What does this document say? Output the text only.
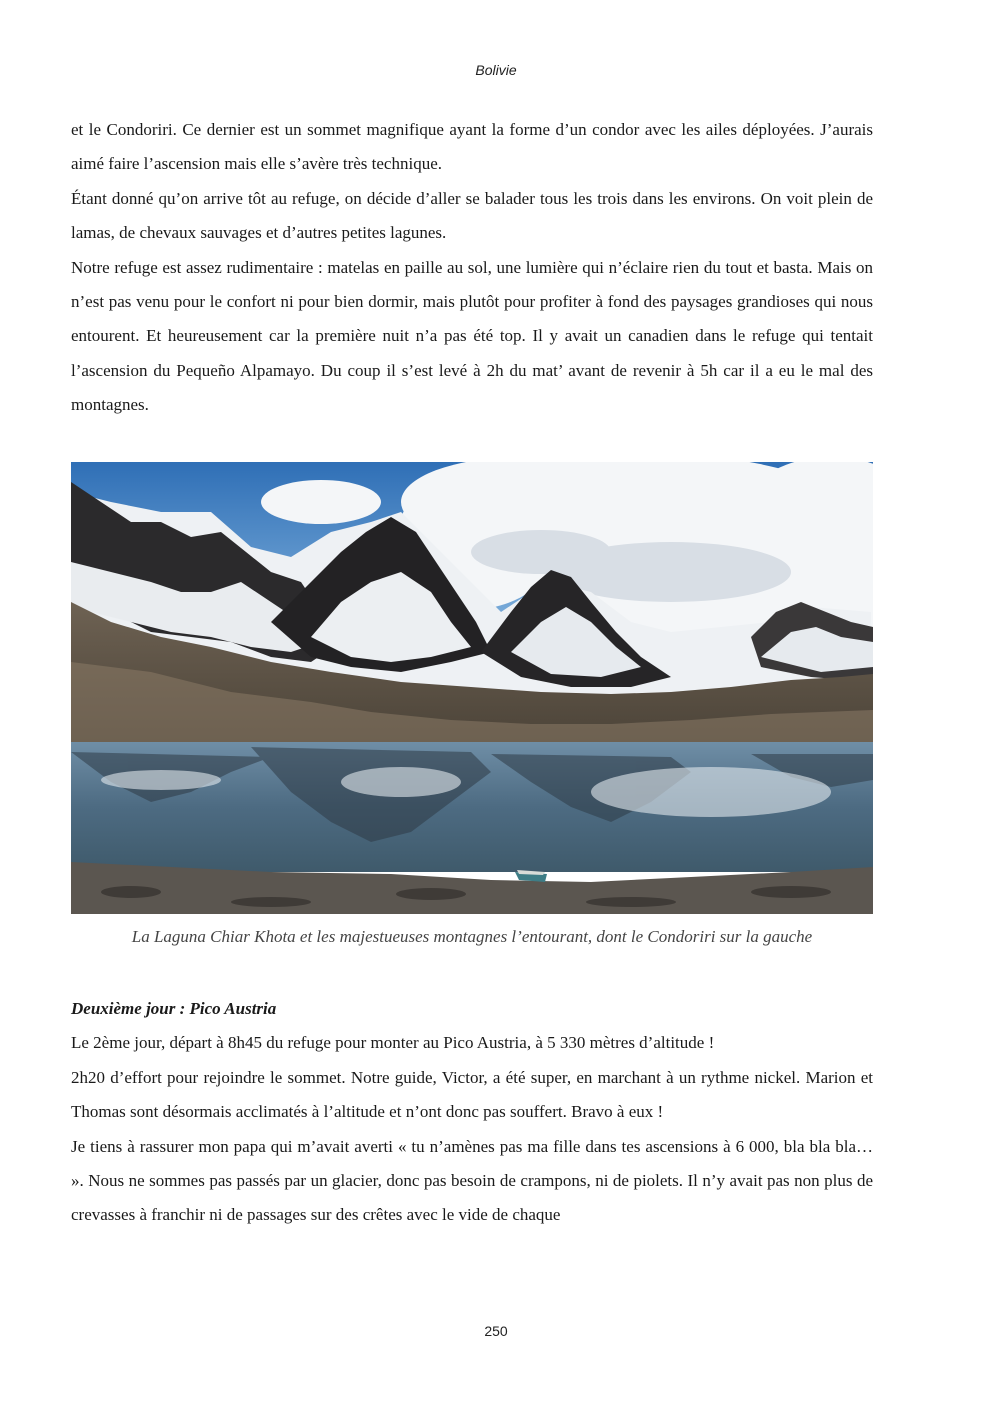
Bolivie

et le Condoriri. Ce dernier est un sommet magnifique ayant la forme d’un condor avec les ailes déployées. J’aurais aimé faire l’ascension mais elle s’avère très technique.

Étant donné qu’on arrive tôt au refuge, on décide d’aller se balader tous les trois dans les environs. On voit plein de lamas, de chevaux sauvages et d’autres petites lagunes.

Notre refuge est assez rudimentaire : matelas en paille au sol, une lumière qui n’éclaire rien du tout et basta. Mais on n’est pas venu pour le confort ni pour bien dormir, mais plutôt pour profiter à fond des paysages grandioses qui nous entourent. Et heureusement car la première nuit n’a pas été top. Il y avait un canadien dans le refuge qui tentait l’ascension du Pequeño Alpamayo. Du coup il s’est levé à 2h du mat’ avant de revenir à 5h car il a eu le mal des montagnes.

La Laguna Chiar Khota et les majestueuses montagnes l’entourant, dont le Condoriri sur la gauche

Deuxième jour : Pico Austria

Le 2ème jour, départ à 8h45 du refuge pour monter au Pico Austria, à 5 330 mètres d’altitude !

2h20 d’effort pour rejoindre le sommet. Notre guide, Victor, a été super, en marchant à un rythme nickel. Marion et Thomas sont désormais acclimatés à l’altitude et n’ont donc pas souffert. Bravo à eux !

Je tiens à rassurer mon papa qui m’avait averti « tu n’amènes pas ma fille dans tes ascensions à 6 000, bla bla bla… ». Nous ne sommes pas passés par un glacier, donc pas besoin de crampons, ni de piolets. Il n’y avait pas non plus de crevasses à franchir ni de passages sur des crêtes avec le vide de chaque

250
